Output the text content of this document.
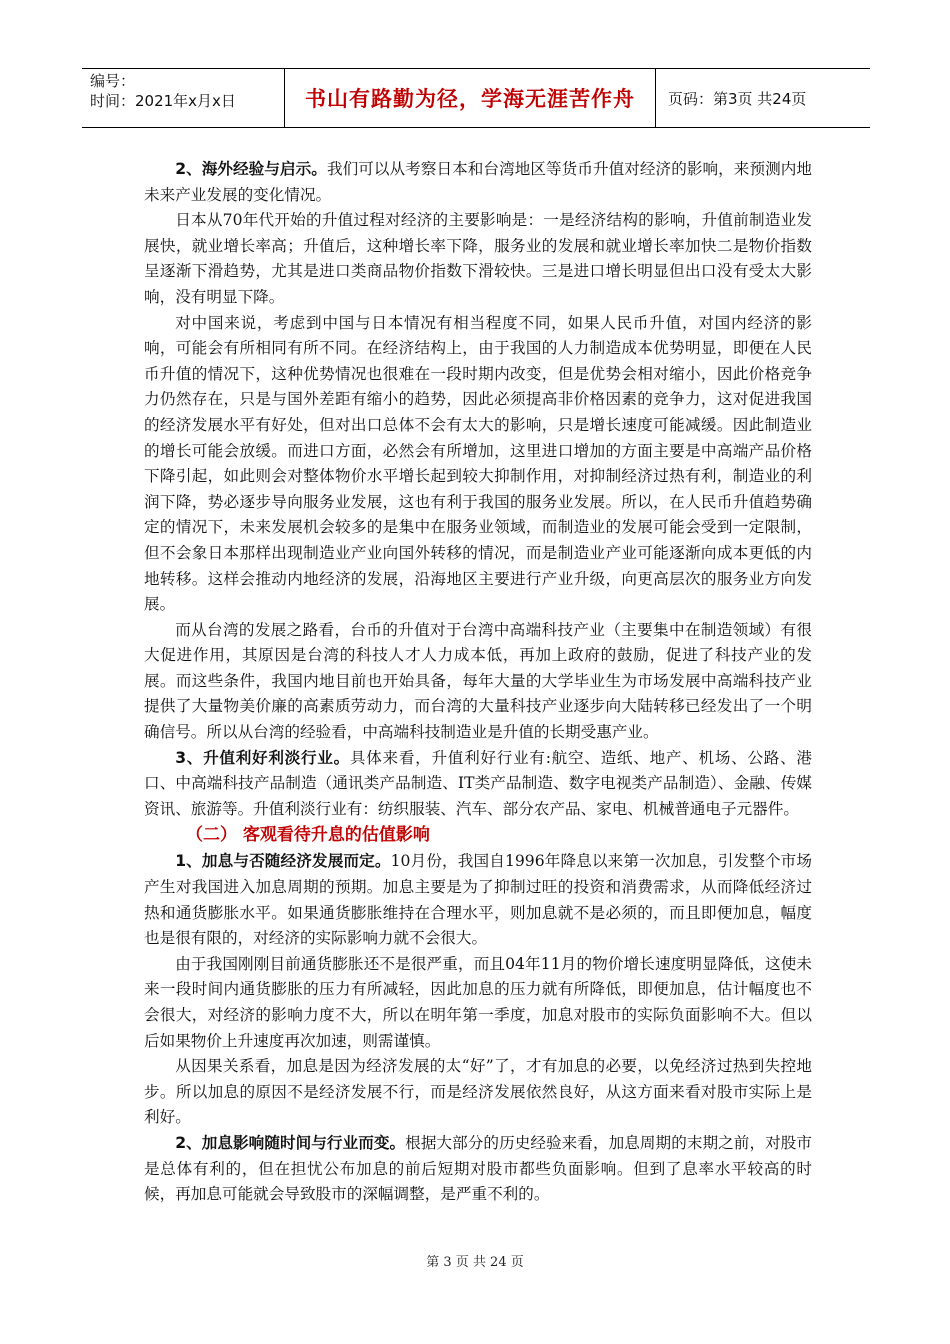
编号：
时间：2021年x月x日	书山有路勤为径，学海无涯苦作舟	页码：第3页 共24页

2、海外经验与启示。我们可以从考察日本和台湾地区等货币升值对经济的影响，来预测内地未来产业发展的变化情况。

日本从70年代开始的升值过程对经济的主要影响是：一是经济结构的影响，升值前制造业发展快，就业增长率高；升值后，这种增长率下降，服务业的发展和就业增长率加快二是物价指数呈逐渐下滑趋势，尤其是进口类商品物价指数下滑较快。三是进口增长明显但出口没有受太大影响，没有明显下降。

对中国来说，考虑到中国与日本情况有相当程度不同，如果人民币升值，对国内经济的影响，可能会有所相同有所不同。在经济结构上，由于我国的人力制造成本优势明显，即便在人民币升值的情况下，这种优势情况也很难在一段时期内改变，但是优势会相对缩小，因此价格竞争力仍然存在，只是与国外差距有缩小的趋势，因此必须提高非价格因素的竞争力，这对促进我国的经济发展水平有好处，但对出口总体不会有太大的影响，只是增长速度可能减缓。因此制造业的增长可能会放缓。而进口方面，必然会有所增加，这里进口增加的方面主要是中高端产品价格下降引起，如此则会对整体物价水平增长起到较大抑制作用，对抑制经济过热有利，制造业的利润下降，势必逐步导向服务业发展，这也有利于我国的服务业发展。所以，在人民币升值趋势确定的情况下，未来发展机会较多的是集中在服务业领域，而制造业的发展可能会受到一定限制，但不会象日本那样出现制造业产业向国外转移的情况，而是制造业产业可能逐渐向成本更低的内地转移。这样会推动内地经济的发展，沿海地区主要进行产业升级，向更高层次的服务业方向发展。

而从台湾的发展之路看，台币的升值对于台湾中高端科技产业（主要集中在制造领域）有很大促进作用，其原因是台湾的科技人才人力成本低，再加上政府的鼓励，促进了科技产业的发展。而这些条件，我国内地目前也开始具备，每年大量的大学毕业生为市场发展中高端科技产业提供了大量物美价廉的高素质劳动力，而台湾的大量科技产业逐步向大陆转移已经发出了一个明确信号。所以从台湾的经验看，中高端科技制造业是升值的长期受惠产业。

3、升值利好利淡行业。具体来看，升值利好行业有:航空、造纸、地产、机场、公路、港口、中高端科技产品制造（通讯类产品制造、IT类产品制造、数字电视类产品制造）、金融、传媒资讯、旅游等。升值利淡行业有：纺织服装、汽车、部分农产品、家电、机械普通电子元器件。

（二） 客观看待升息的估值影响

1、加息与否随经济发展而定。10月份，我国自1996年降息以来第一次加息，引发整个市场产生对我国进入加息周期的预期。加息主要是为了抑制过旺的投资和消费需求，从而降低经济过热和通货膨胀水平。如果通货膨胀维持在合理水平，则加息就不是必须的，而且即便加息，幅度也是很有限的，对经济的实际影响力就不会很大。

由于我国刚刚目前通货膨胀还不是很严重，而且04年11月的物价增长速度明显降低，这使未来一段时间内通货膨胀的压力有所减轻，因此加息的压力就有所降低，即便加息，估计幅度也不会很大，对经济的影响力度不大，所以在明年第一季度，加息对股市的实际负面影响不大。但以后如果物价上升速度再次加速，则需谨慎。

从因果关系看，加息是因为经济发展的太“好”了，才有加息的必要，以免经济过热到失控地步。所以加息的原因不是经济发展不行，而是经济发展依然良好，从这方面来看对股市实际上是利好。

2、加息影响随时间与行业而变。根据大部分的历史经验来看，加息周期的末期之前，对股市是总体有利的，但在担忧公布加息的前后短期对股市都些负面影响。但到了息率水平较高的时候，再加息可能就会导致股市的深幅调整，是严重不利的。

第 3 页 共 24 页
